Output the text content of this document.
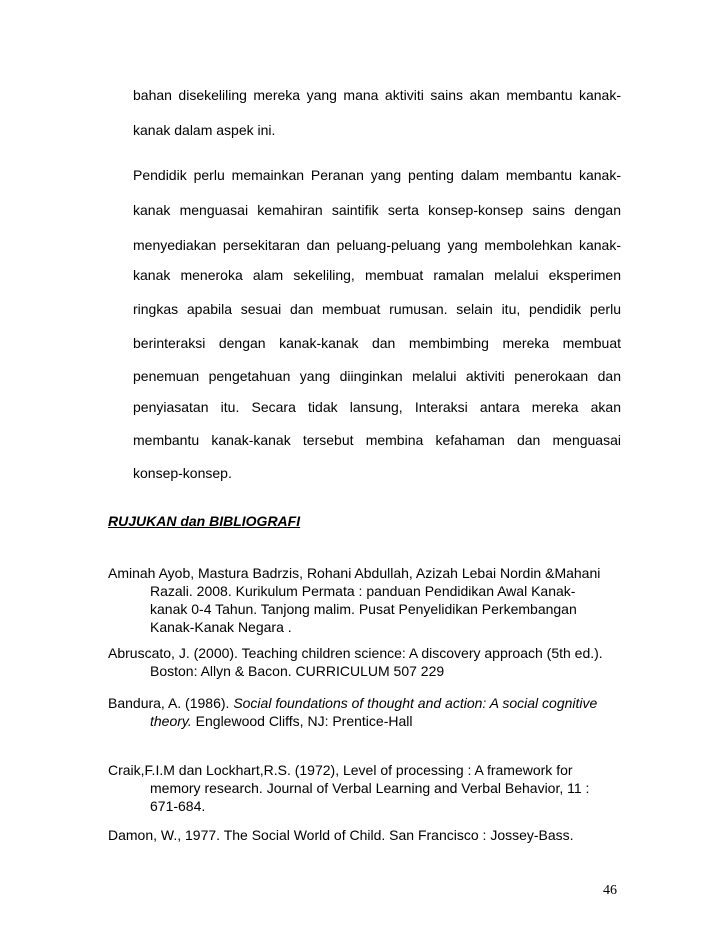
bahan disekeliling mereka yang mana aktiviti sains akan membantu kanak-
kanak dalam aspek ini.
Pendidik perlu memainkan Peranan yang penting dalam membantu kanak-
kanak menguasai kemahiran saintifik serta konsep-konsep sains dengan
menyediakan persekitaran dan peluang-peluang yang membolehkan kanak-
kanak meneroka alam sekeliling, membuat ramalan melalui eksperimen
ringkas apabila sesuai dan membuat rumusan. selain itu, pendidik perlu
berinteraksi dengan kanak-kanak dan membimbing mereka membuat
penemuan pengetahuan yang diinginkan melalui aktiviti penerokaan dan
penyiasatan itu. Secara tidak lansung, Interaksi antara mereka akan
membantu kanak-kanak tersebut membina kefahaman dan menguasai
konsep-konsep.
RUJUKAN dan BIBLIOGRAFI
Aminah Ayob, Mastura Badrzis, Rohani Abdullah, Azizah Lebai Nordin &Mahani
Razali. 2008. Kurikulum Permata : panduan Pendidikan Awal Kanak-
kanak 0-4 Tahun. Tanjong malim. Pusat Penyelidikan Perkembangan
Kanak-Kanak Negara .
Abruscato, J. (2000). Teaching children science: A discovery approach (5th ed.).
Boston: Allyn & Bacon. CURRICULUM 507 229
Bandura, A. (1986). Social foundations of thought and action: A social cognitive
theory. Englewood Cliffs, NJ: Prentice-Hall
Craik,F.I.M dan Lockhart,R.S. (1972), Level of processing : A framework for
memory research. Journal of Verbal Learning and Verbal Behavior, 11 :
671-684.
Damon, W., 1977. The Social World of Child. San Francisco : Jossey-Bass.
46
